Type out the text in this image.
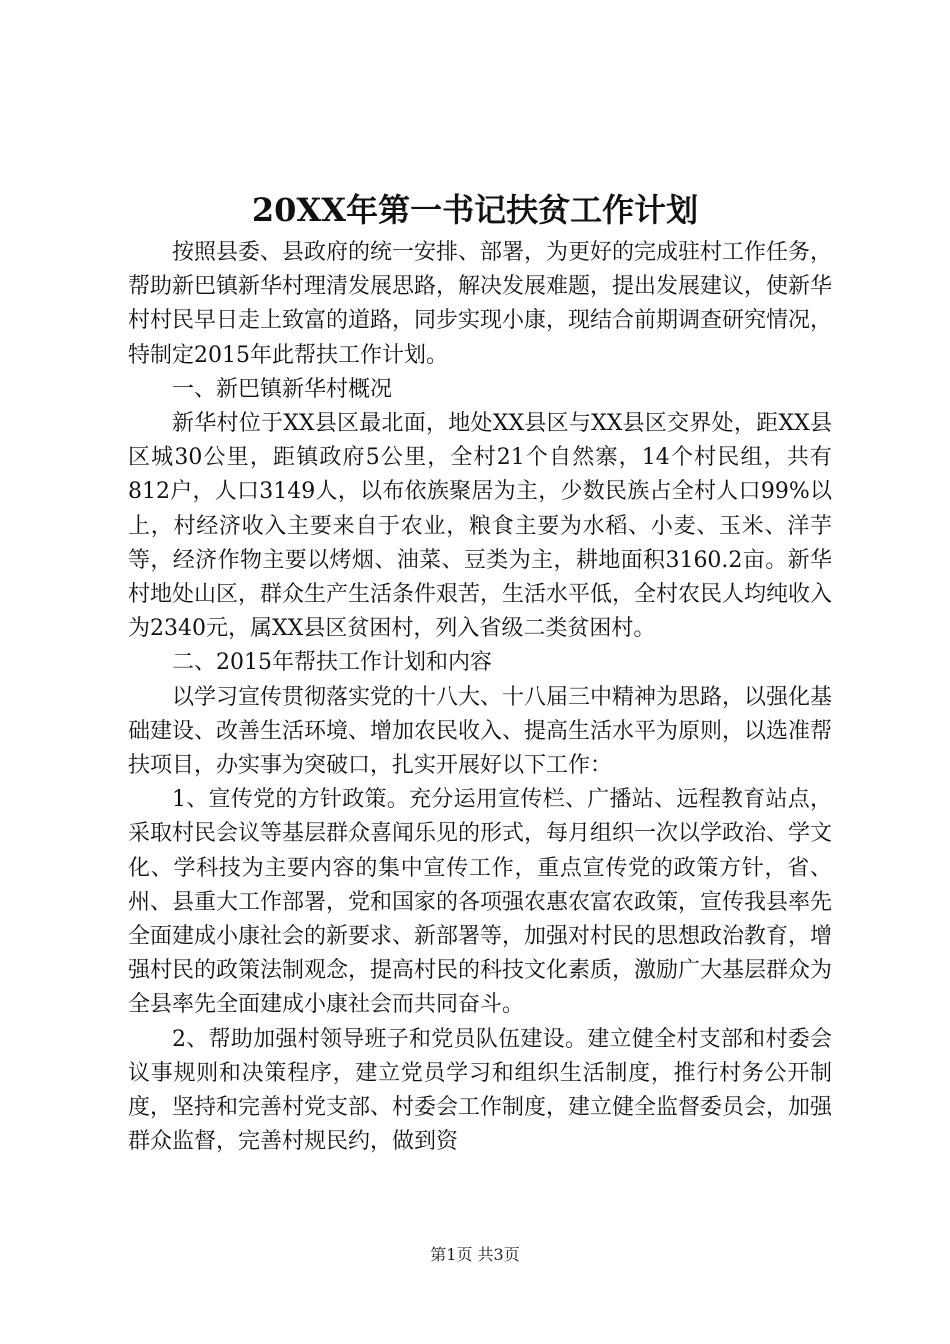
20XX年第一书记扶贫工作计划

按照县委、县政府的统一安排、部署，为更好的完成驻村工作任务，帮助新巴镇新华村理清发展思路，解决发展难题，提出发展建议，使新华村村民早日走上致富的道路，同步实现小康，现结合前期调查研究情况，特制定2015年此帮扶工作计划。

一、新巴镇新华村概况

新华村位于XX县区最北面，地处XX县区与XX县区交界处，距XX县区城30公里，距镇政府5公里，全村21个自然寨，14个村民组，共有812户，人口3149人，以布依族聚居为主，少数民族占全村人口99%以上，村经济收入主要来自于农业，粮食主要为水稻、小麦、玉米、洋芋等，经济作物主要以烤烟、油菜、豆类为主，耕地面积3160.2亩。新华村地处山区，群众生产生活条件艰苦，生活水平低，全村农民人均纯收入为2340元，属XX县区贫困村，列入省级二类贫困村。

二、2015年帮扶工作计划和内容

以学习宣传贯彻落实党的十八大、十八届三中精神为思路，以强化基础建设、改善生活环境、增加农民收入、提高生活水平为原则，以选准帮扶项目，办实事为突破口，扎实开展好以下工作：

1、宣传党的方针政策。充分运用宣传栏、广播站、远程教育站点，采取村民会议等基层群众喜闻乐见的形式，每月组织一次以学政治、学文化、学科技为主要内容的集中宣传工作，重点宣传党的政策方针，省、州、县重大工作部署，党和国家的各项强农惠农富农政策，宣传我县率先全面建成小康社会的新要求、新部署等，加强对村民的思想政治教育，增强村民的政策法制观念，提高村民的科技文化素质，激励广大基层群众为全县率先全面建成小康社会而共同奋斗。

2、帮助加强村领导班子和党员队伍建设。建立健全村支部和村委会议事规则和决策程序，建立党员学习和组织生活制度，推行村务公开制度，坚持和完善村党支部、村委会工作制度，建立健全监督委员会，加强群众监督，完善村规民约，做到资

第1页 共3页
